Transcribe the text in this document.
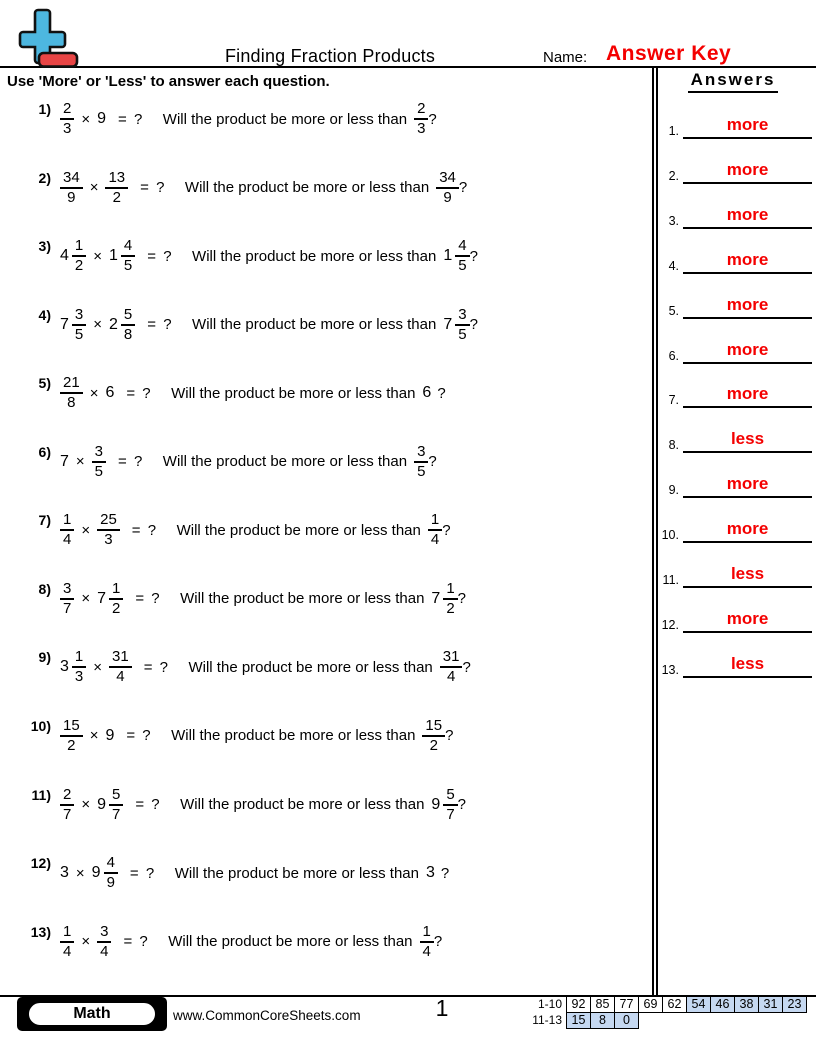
Finding Fraction Products	Name: Answer Key
Use 'More' or 'Less' to answer each question.
$1) \frac{2}{3} \times 9$ = ? Will the product be more or less than $\frac{2}{3}$ ?
$2) \frac{34}{9} \times \frac{13}{2}$ = ? Will the product be more or less than $\frac{34}{9}$ ?
3)
$4 \frac{1}{2} \times 1 \frac{4}{5}$ = ? Will the product be more or less than $1 \frac{4}{5}$ ?
4)
$7 \frac{3}{5} \times 2 \frac{5}{8}$ = ? Will the product be more or less than $7 \frac{3}{5}$ ?
$5) \frac{21}{8} \times 6$ = ? Will the product be more or less than 6 ?
6)
$7 \times \frac{3}{5}$ = ? Will the product be more or less than $\frac{3}{5}$ ?
$7) \frac{1}{4} \times \frac{25}{3}$ = ? Will the product be more or less than $\frac{1}{4}$ ?
$8) \frac{3}{7} \times 7 \frac{1}{2}$ = ? Will the product be more or less than $7 \frac{1}{2}$ ?
9)
$3 \frac{1}{3} \times \frac{31}{4}$ = ? Will the product be more or less than $\frac{31}{4}$ ?
$10) \frac{15}{2} \times 9$ = ? Will the product be more or less than $\frac{15}{2}$ ?
$11) \frac{2}{7} \times 9 \frac{5}{7}$ = ? Will the product be more or less than $9 \frac{5}{7}$ ?
12)
$3 \times 9 \frac{4}{9}$ = ? Will the product be more or less than 3 ?
$13) \frac{1}{4} \times \frac{3}{4}$ = ? Will the product be more or less than $\frac{1}{4}$ ?
Answers
1.	more
2.	more
3.	more
4.	more
5.	more
6.	more
7.	more
8.	less
9.	more
10.	more
11.	less
12.	more
13.	less
Math	www.CommonCoreSheets.com	1	1-10 92 85 77 69 62 54 46 38 31 23
11-13 15	8	0
